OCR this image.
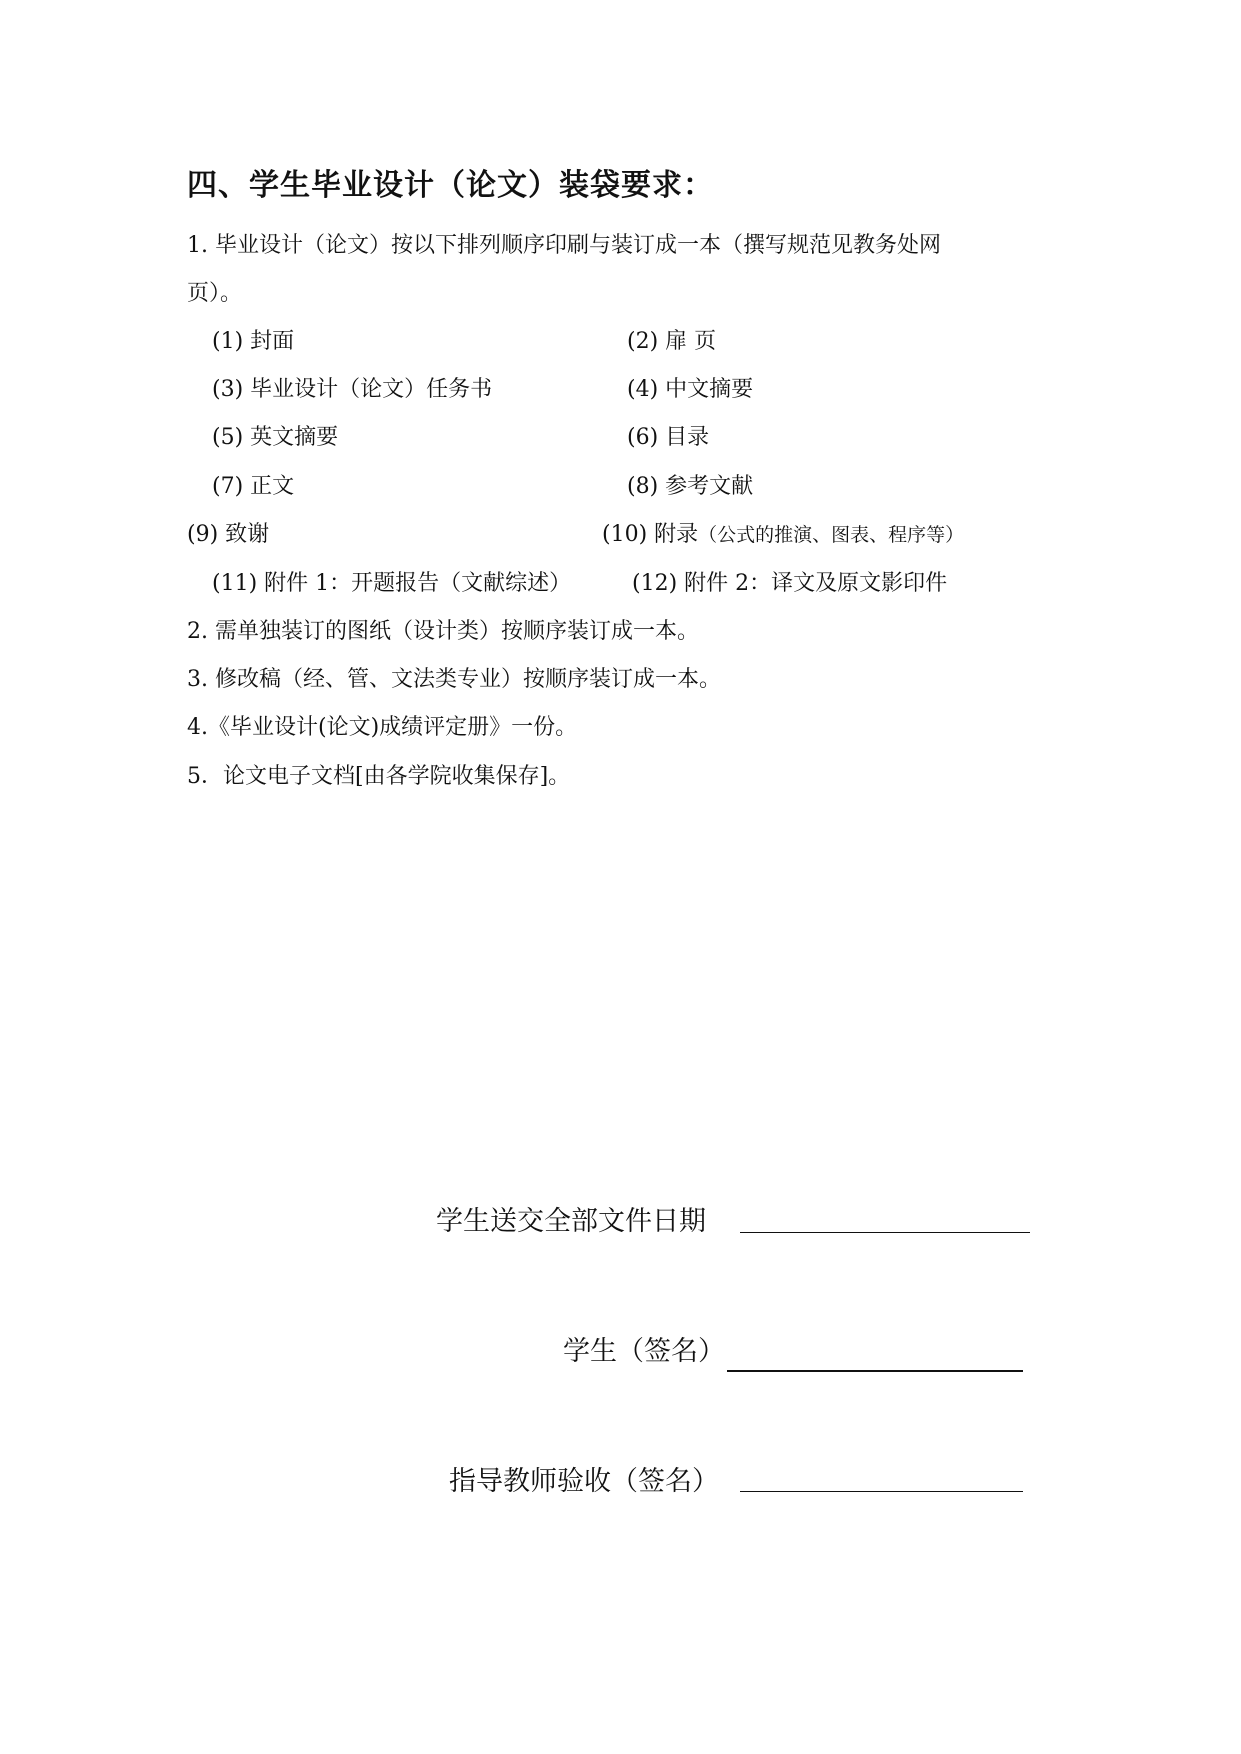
四、学生毕业设计（论文）装袋要求：
1. 毕业设计（论文）按以下排列顺序印刷与装订成一本（撰写规范见教务处网
页）。
(1) 封面	(2) 扉 页
(3) 毕业设计（论文）任务书	(4) 中文摘要
(5) 英文摘要	(6) 目录
(7) 正文	(8) 参考文献
(9) 致谢	(10) 附录（公式的推演、图表、程序等）
(11) 附件 1：开题报告（文献综述）	(12) 附件 2：译文及原文影印件
2. 需单独装订的图纸（设计类）按顺序装订成一本。
3. 修改稿（经、管、文法类专业）按顺序装订成一本。
4.《毕业设计(论文)成绩评定册》一份。
5．论文电子文档[由各学院收集保存]。
学生送交全部文件日期
学生（签名）
指导教师验收（签名）
